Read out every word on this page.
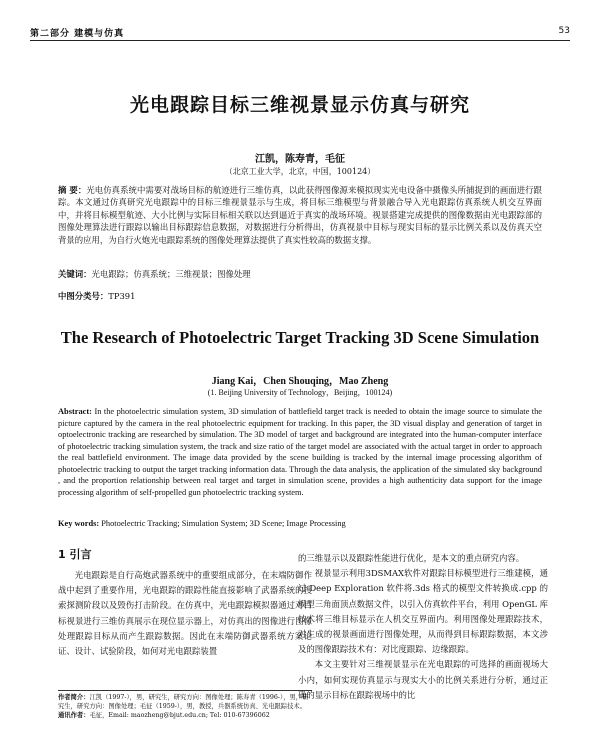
第二部分 建模与仿真	53
光电跟踪目标三维视景显示仿真与研究
江凯，陈寿青，毛征
（北京工业大学，北京，中国，100124）
摘 要：光电仿真系统中需要对战场目标的航迹进行三维仿真，以此获得图像源来模拟现实光电设备中摄像头所捕捉到的画面进行跟踪。本文通过仿真研究光电跟踪中的目标三维视景显示与生成，将目标三维模型与背景融合导入光电跟踪仿真系统人机交互界面中，并将目标模型航迹、大小比例与实际目标相关联以达到逼近于真实的战场环境。视景搭建完成提供的图像数据由光电跟踪部的图像处理算法进行跟踪以输出目标跟踪信息数据，对数据进行分析得出，仿真视景中目标与现实目标的显示比例关系以及仿真天空背景的应用，为自行火炮光电跟踪系统的图像处理算法提供了真实性较高的数据支撑。
关键词：光电跟踪；仿真系统；三维视景；图像处理
中图分类号：TP391
The Research of Photoelectric Target Tracking 3D Scene Simulation
Jiang Kai，Chen Shouqing，Mao Zheng
(1. Beijing University of Technology，Beijing，100124)
Abstract: In the photoelectric simulation system, 3D simulation of battlefield target track is needed to obtain the image source to simulate the picture captured by the camera in the real photoelectric equipment for tracking. In this paper, the 3D visual display and generation of target in optoelectronic tracking are researched by simulation. The 3D model of target and background are integrated into the human-computer interface of photoelectric tracking simulation system, the track and size ratio of the target model are associated with the actual target in order to approach the real battlefield environment. The image data provided by the scene building is tracked by the internal image processing algorithm of photoelectric tracking to output the target tracking information data. Through the data analysis, the application of the simulated sky background , and the proportion relationship between real target and target in simulation scene, provides a high authenticity data support for the image processing algorithm of self-propelled gun photoelectric tracking system.
Key words: Photoelectric Tracking; Simulation System; 3D Scene; Image Processing
1 引言

光电跟踪是自行高炮武器系统中的重要组成部分，在末端防御作战中起到了重要作用，光电跟踪的跟踪性能直接影响了武器系统的搜索探测阶段以及毁伤打击阶段。在仿真中，光电跟踪模拟器通过对目标视景进行三维仿真展示在现位显示器上，对仿真出的图像进行图像处理跟踪目标从而产生跟踪数据。因此在末端防御武器系统方案论证、设计、试验阶段，如何对光电跟踪装置

的三维显示以及跟踪性能进行优化，是本文的重点研究内容。

视景显示利用3DSMAX软件对跟踪目标模型进行三维建模，通过 Deep Exploration 软件将.3ds 格式的模型文件转换成.cpp 的模型三角面顶点数据文件，以引入仿真软件平台，利用 OpenGL 库技术将三维目标显示在人机交互界面内。利用图像处理跟踪技术，对生成的视景画面进行图像处理，从而得到目标跟踪数据，本文涉及的图像跟踪技术有：对比度跟踪、边缘跟踪。

本文主要针对三维视景显示在光电跟踪的可选择的画面视场大小内，如何实现仿真显示与现实大小的比例关系进行分析，通过正确的显示目标在跟踪视场中的比

作者简介：江凯（1997-），男，研究生，研究方向：图像处理；陈寿青（1996-），男，研究生，研究方向：图像处理；毛征（1959-），男，教授，兵器系统仿真、光电跟踪技术。

通讯作者：毛征，Email: maozheng@bjut.edu.cn; Tel: 010-67396062
